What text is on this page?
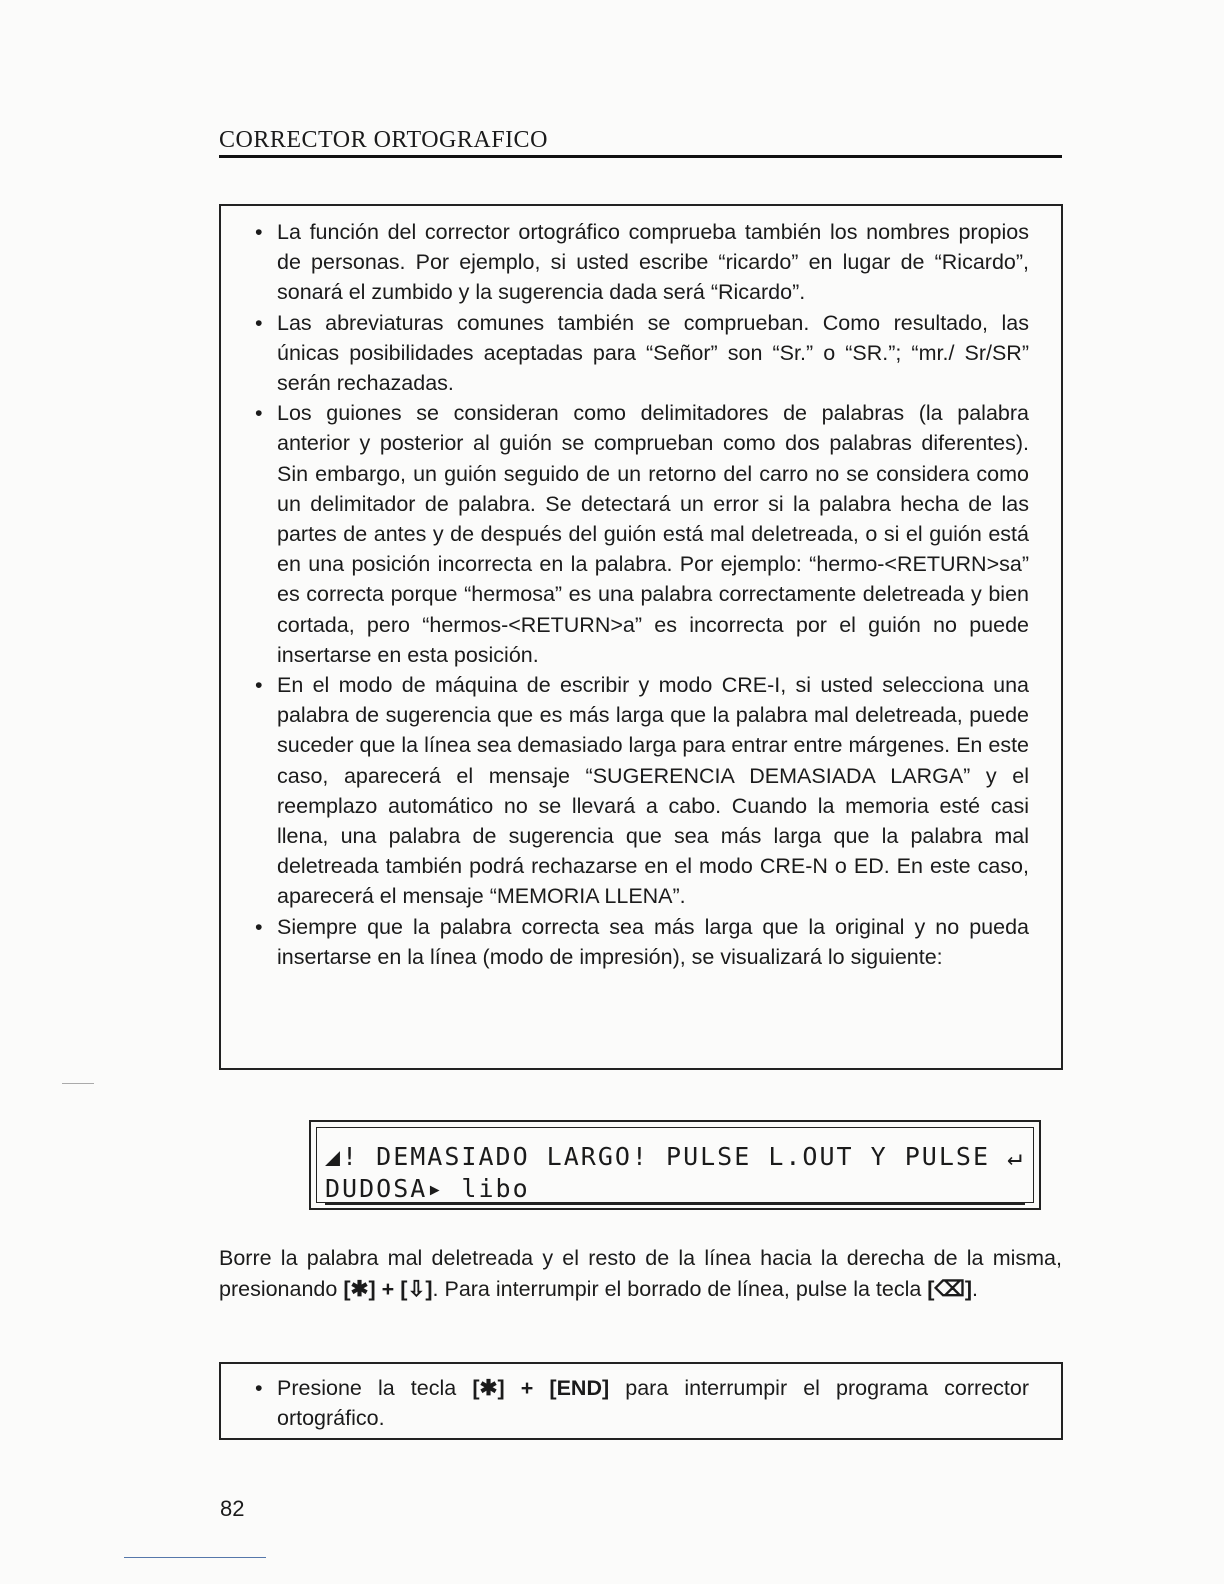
CORRECTOR ORTOGRAFICO
• La función del corrector ortográfico comprueba también los nombres propios de personas. Por ejemplo, si usted escribe “ricardo” en lugar de “Ricardo”, sonará el zumbido y la sugerencia dada será “Ricardo”.
• Las abreviaturas comunes también se comprueban. Como resultado, las únicas posibilidades aceptadas para “Señor” son “Sr.” o “SR.”; “mr./ Sr/SR” serán rechazadas.
• Los guiones se consideran como delimitadores de palabras (la palabra anterior y posterior al guión se comprueban como dos palabras diferentes). Sin embargo, un guión seguido de un retorno del carro no se considera como un delimitador de palabra. Se detectará un error si la palabra hecha de las partes de antes y de después del guión está mal deletreada, o si el guión está en una posición incorrecta en la palabra. Por ejemplo: “hermo-<RETURN>sa” es correcta porque “hermosa” es una palabra correctamente deletreada y bien cortada, pero “hermos-<RETURN>a” es incorrecta por el guión no puede insertarse en esta posición.
• En el modo de máquina de escribir y modo CRE-I, si usted selecciona una palabra de sugerencia que es más larga que la palabra mal deletreada, puede suceder que la línea sea demasiado larga para entrar entre márgenes. En este caso, aparecerá el mensaje “SUGERENCIA DEMASIADA LARGA” y el reemplazo automático no se llevará a cabo. Cuando la memoria esté casi llena, una palabra de sugerencia que sea más larga que la palabra mal deletreada también podrá rechazarse en el modo CRE-N o ED. En este caso, aparecerá el mensaje “MEMORIA LLENA”.
• Siempre que la palabra correcta sea más larga que la original y no pueda insertarse en la línea (modo de impresión), se visualizará lo siguiente:
◢! DEMASIADO LARGO! PULSE L.OUT Y PULSE ↵
DUDOSA▸ libo
Borre la palabra mal deletreada y el resto de la línea hacia la derecha de la misma, presionando [✱] + [⇩]. Para interrumpir el borrado de línea, pulse la tecla [⌫].
• Presione la tecla [✱] + [END] para interrumpir el programa corrector ortográfico.
82
